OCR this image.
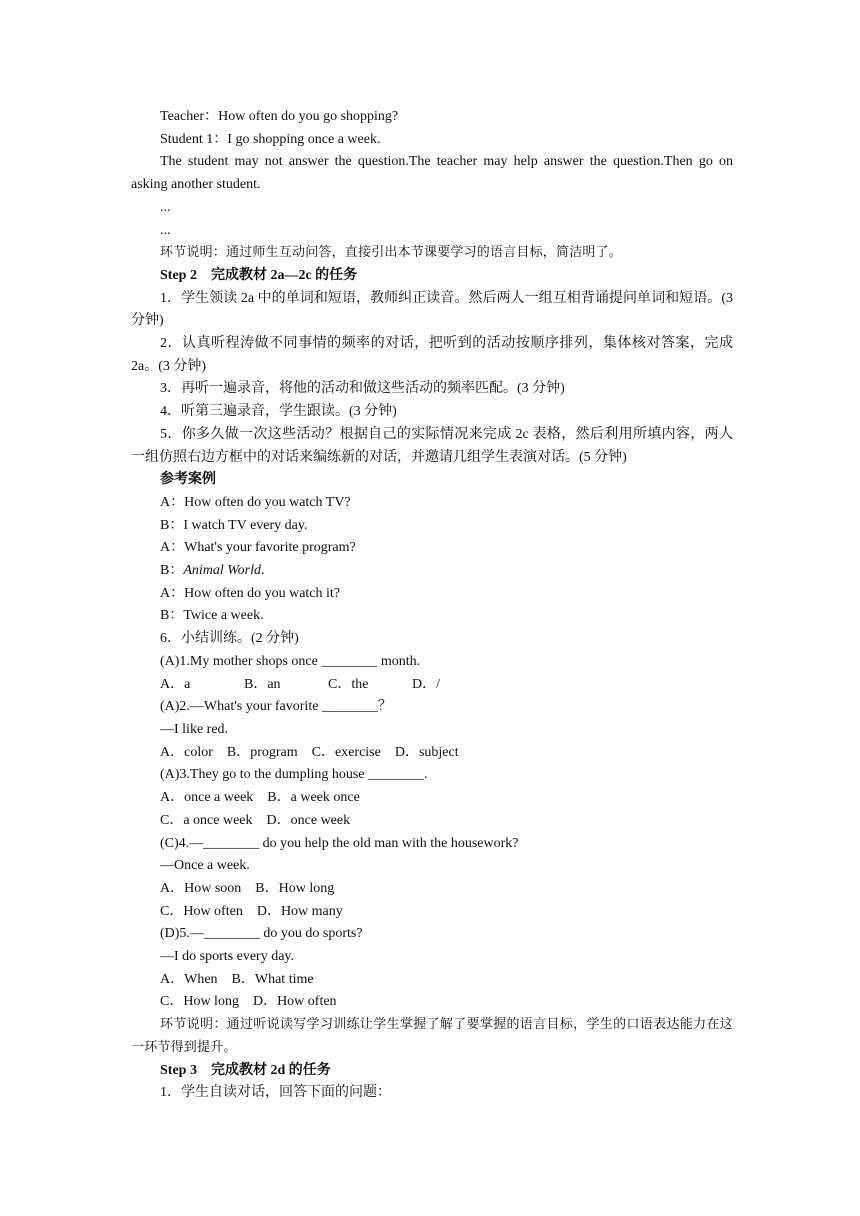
Teacher：How often do you go shopping?
Student 1：I go shopping once a week.
The student may not answer the question.The teacher may help answer the question.Then go on asking another student.
...
...
环节说明：通过师生互动问答，直接引出本节课要学习的语言目标，简洁明了。
Step 2 完成教材 2a—2c 的任务
1．学生领读 2a 中的单词和短语，教师纠正读音。然后两人一组互相背诵提问单词和短语。(3 分钟)
2．认真听程涛做不同事情的频率的对话，把听到的活动按顺序排列，集体核对答案，完成 2a。(3 分钟)
3．再听一遍录音，将他的活动和做这些活动的频率匹配。(3 分钟)
4．听第三遍录音，学生跟读。(3 分钟)
5．你多久做一次这些活动？根据自己的实际情况来完成 2c 表格，然后利用所填内容，两人一组仿照右边方框中的对话来编练新的对话，并邀请几组学生表演对话。(5 分钟)
参考案例
A：How often do you watch TV?
B：I watch TV every day.
A：What's your favorite program?
B：Animal World.
A：How often do you watch it?
B：Twice a week.
6．小结训练。(2 分钟)
(A)1.My mother shops once ________ month.
A．a	B．an	C．the	D．/
(A)2.—What's your favorite ________？
—I like red.
A．color B．program C．exercise D．subject
(A)3.They go to the dumpling house ________.
A．once a week B．a week once
C．a once week D．once week
(C)4.—________ do you help the old man with the housework?
—Once a week.
A．How soon B．How long
C．How often D．How many
(D)5.—________ do you do sports?
—I do sports every day.
A．When B．What time
C．How long D．How often
环节说明：通过听说读写学习训练让学生掌握了解了要掌握的语言目标，学生的口语表达能力在这一环节得到提升。
Step 3 完成教材 2d 的任务
1．学生自读对话，回答下面的问题：
